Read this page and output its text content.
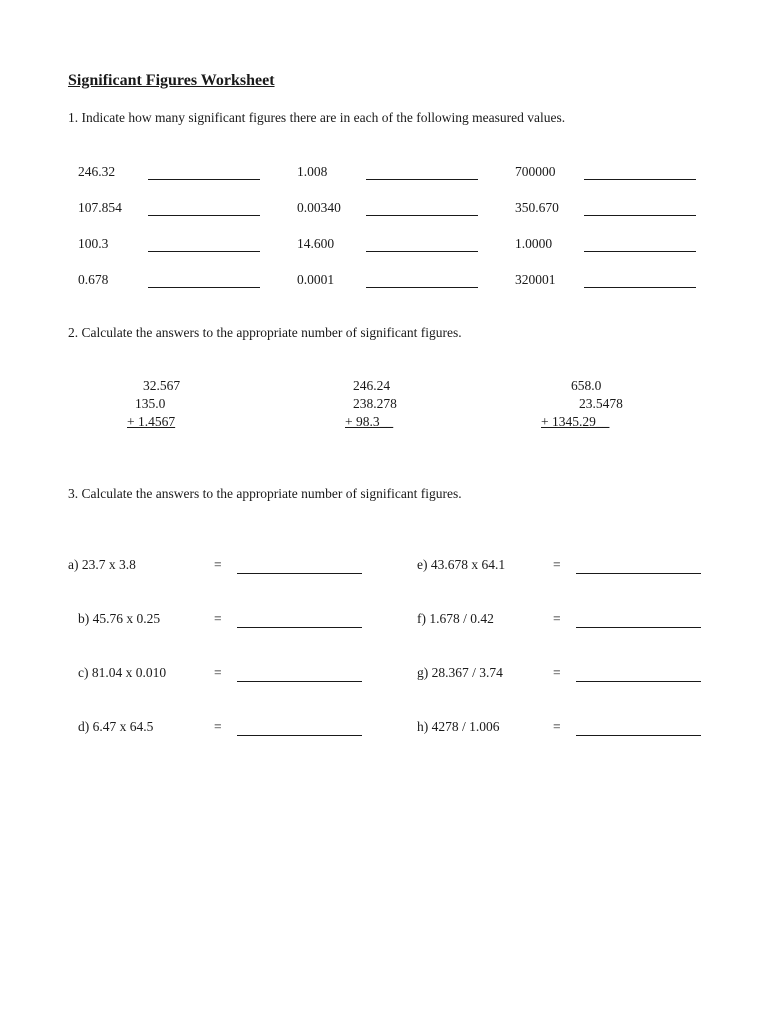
Significant Figures Worksheet
1. Indicate how many significant figures there are in each of the following measured values.
246.32	1.008	700000
107.854	0.00340	350.670
100.3	14.600	1.0000
0.678	0.0001	320001
2. Calculate the answers to the appropriate number of significant figures.
32.567
135.0
+ 1.4567
246.24
238.278
+ 98.3__
658.0
23.5478
+ 1345.29__
3. Calculate the answers to the appropriate number of significant figures.
a) 23.7 x 3.8	=
b) 45.76 x 0.25	=
c) 81.04 x 0.010	=
d) 6.47 x 64.5	=
e) 43.678 x 64.1	=
f) 1.678 / 0.42	=
g) 28.367 / 3.74	=
h) 4278 / 1.006	=
